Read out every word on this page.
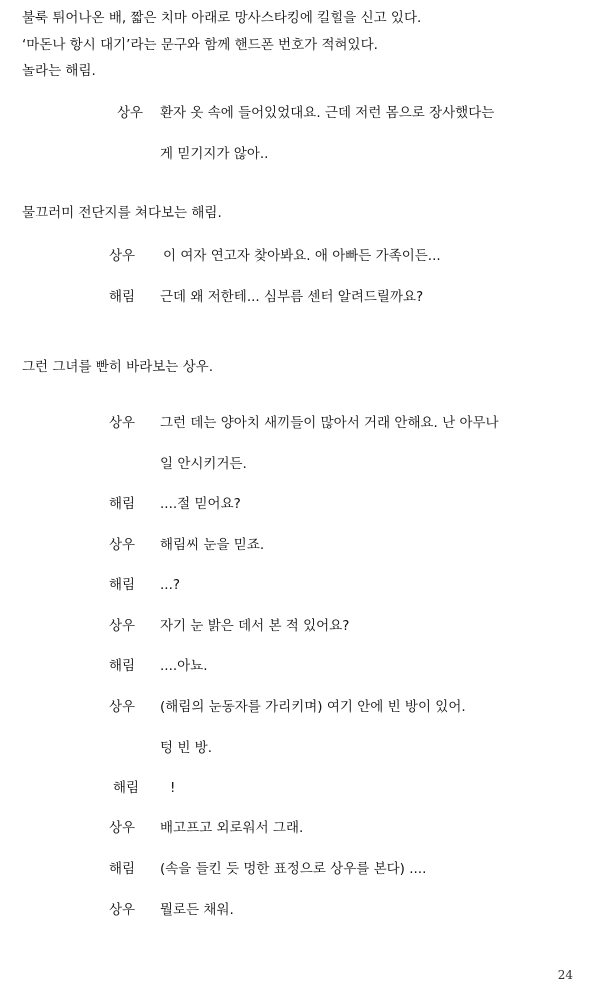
불룩 튀어나온 배, 짧은 치마 아래로 망사스타킹에 킬힐을 신고 있다.
‘마돈나 항시 대기’라는 문구와 함께 핸드폰 번호가 적혀있다.
놀라는 해림.
상우 환자 옷 속에 들어있었대요. 근데 저런 몸으로 장사했다는
게 믿기지가 않아..
물끄러미 전단지를 쳐다보는 해림.
상우 이 여자 연고자 찾아봐요. 애 아빠든 가족이든...
해림 근데 왜 저한테... 심부름 센터 알려드릴까요?
그런 그녀를 빤히 바라보는 상우.
상우 그런 데는 양아치 새끼들이 많아서 거래 안해요. 난 아무나
일 안시키거든.
해림 ....절 믿어요?
상우 해림씨 눈을 믿죠.
해림 ...?
상우 자기 눈 밝은 데서 본 적 있어요?
해림 ....아뇨.
상우 (해림의 눈동자를 가리키며) 여기 안에 빈 방이 있어.
텅 빈 방.
해림 !
상우 배고프고 외로워서 그래.
해림 (속을 들킨 듯 멍한 표정으로 상우를 본다) ....
상우 뭘로든 채워.
24
